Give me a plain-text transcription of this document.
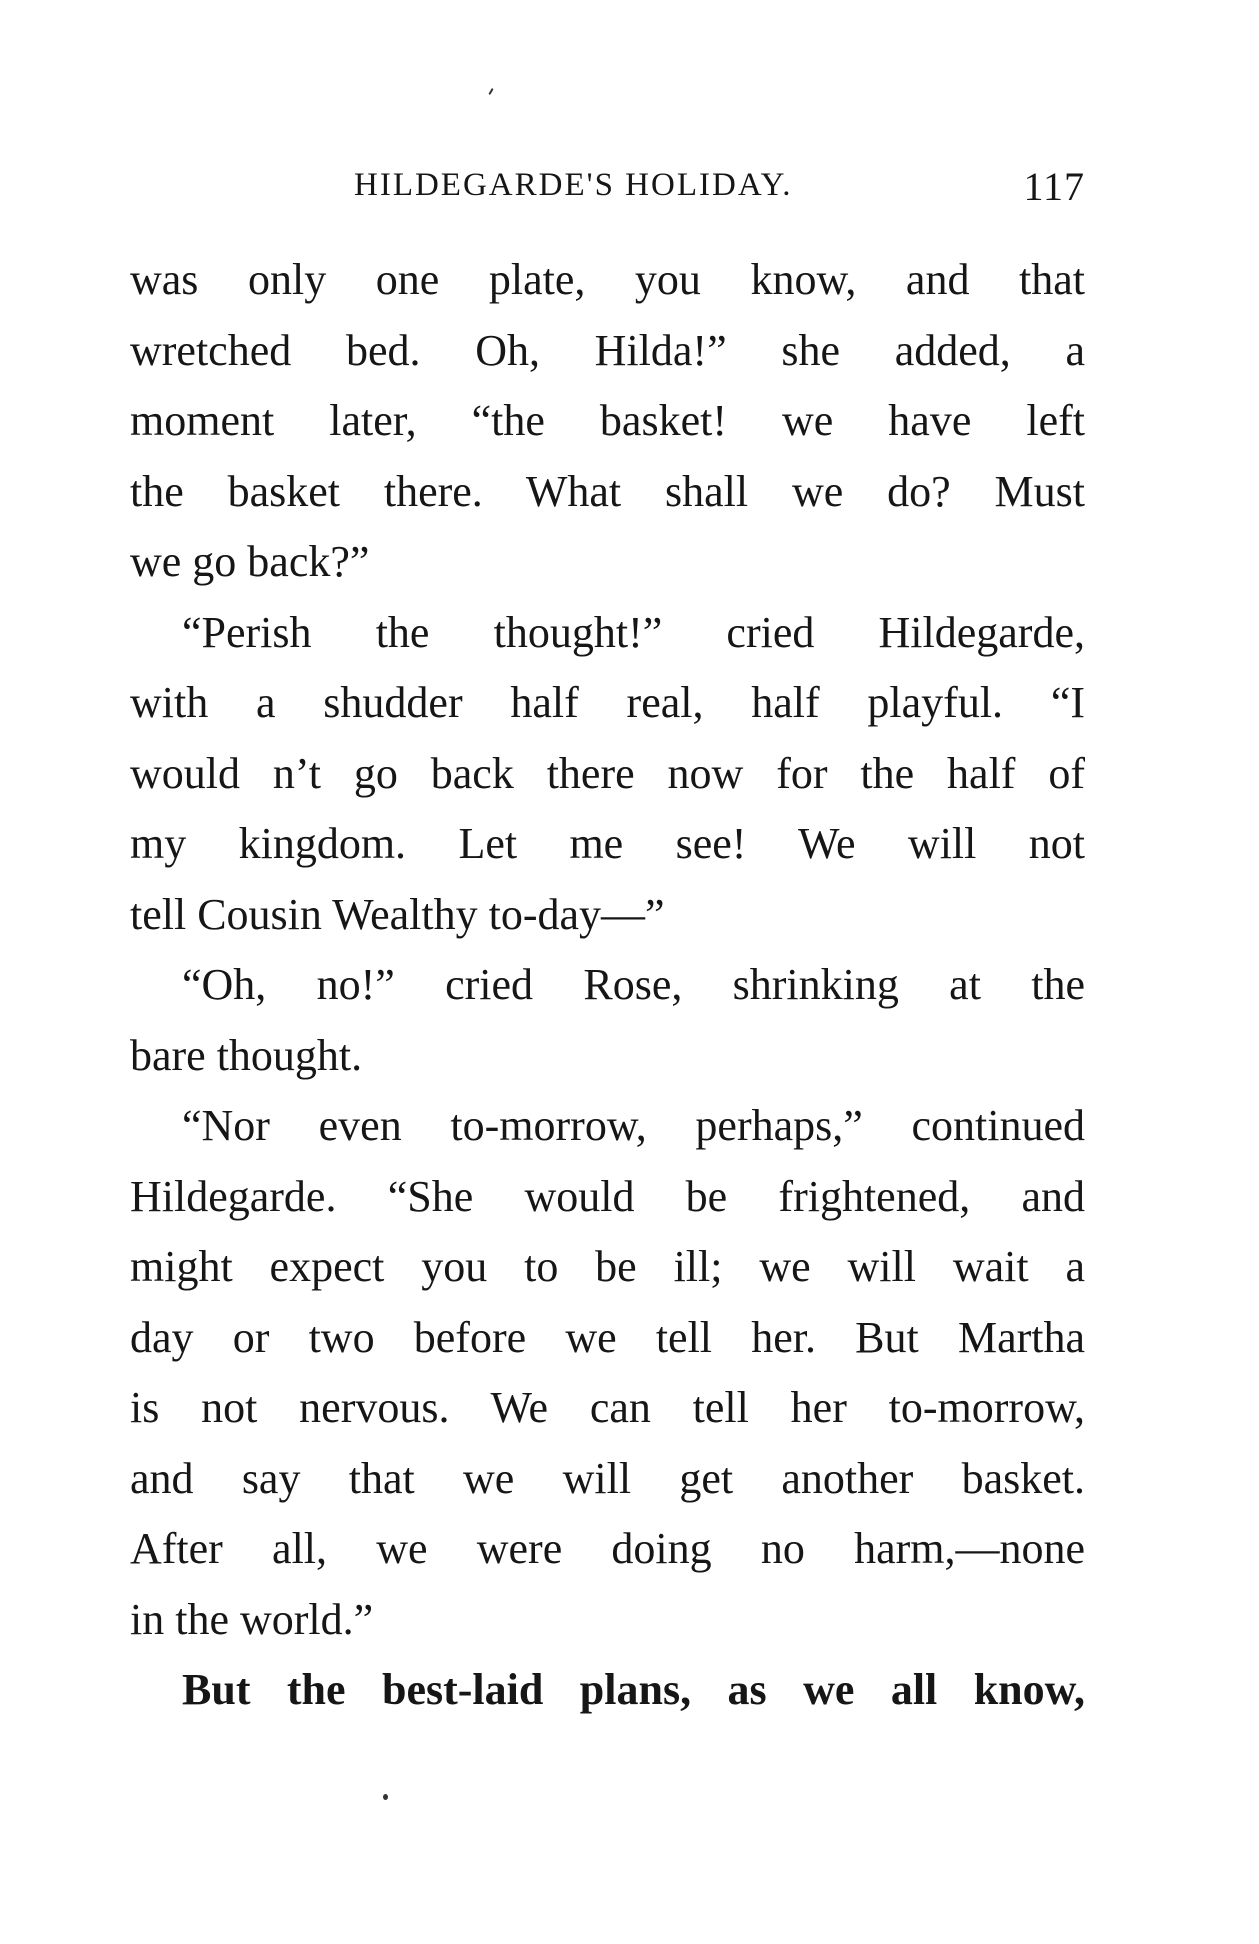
HILDEGARDE'S HOLIDAY.	117
was only one plate, you know, and that
wretched bed. Oh, Hilda!” she added, a
moment later, “the basket! we have left
the basket there. What shall we do? Must
we go back?”
“Perish the thought!” cried Hildegarde,
with a shudder half real, half playful. “I
would n’t go back there now for the half of
my kingdom. Let me see! We will not
tell Cousin Wealthy to-day—”
“Oh, no!” cried Rose, shrinking at the
bare thought.
“Nor even to-morrow, perhaps,” continued
Hildegarde. “She would be frightened, and
might expect you to be ill; we will wait a
day or two before we tell her. But Martha
is not nervous. We can tell her to-morrow,
and say that we will get another basket.
After all, we were doing no harm,—none
in the world.”
But the best-laid plans, as we all know,
